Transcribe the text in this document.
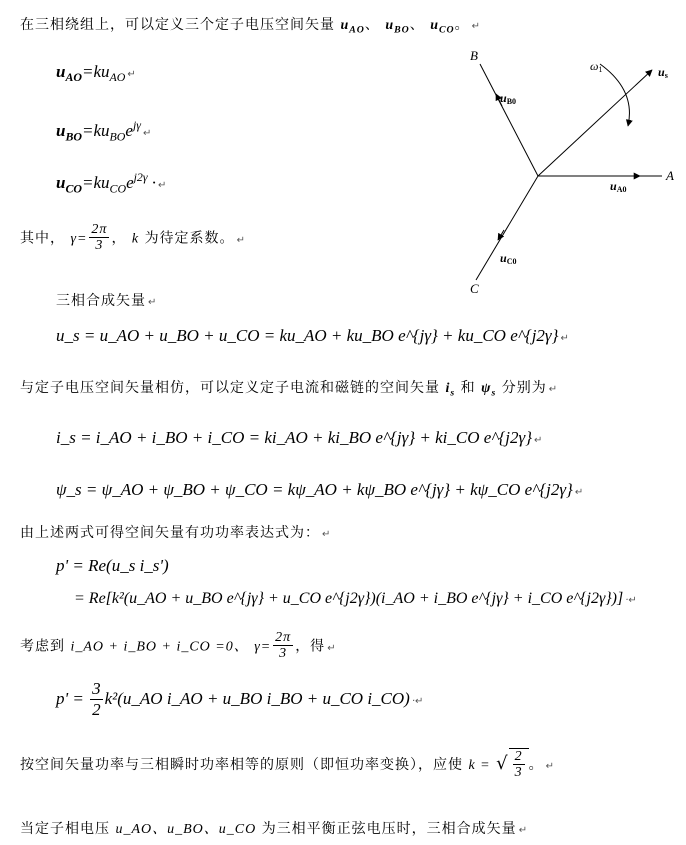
在三相绕组上，可以定义三个定子电压空间矢量 $u_{AO}$、 $u_{BO}$、 $u_{CO}$。 ↵
$u_{AO}=ku_{AO}$ ↵
$u_{BO}=ku_{BO}e^{j\gamma}↵$
$u_{CO}=ku_{CO}e^{j2\gamma}$ · ↵
其中， $\gamma= \frac{2\pi}{3}$ ， k 为待定系数。 ↵
三相合成矢量 ↵
u_s = u_AO + u_BO + u_CO = ku_AO + ku_BO e^{jγ} + ku_CO e^{j2γ} ↵
与定子电压空间矢量相仿，可以定义定子电流和磁链的空间矢量 $i_s$ 和 $\psi_s$ 分别为 ↵
i_s = i_AO + i_BO + i_CO = ki_AO + ki_BO e^{jγ} + ki_CO e^{j2γ} ↵
ψ_s = ψ_AO + ψ_BO + ψ_CO = kψ_AO + kψ_BO e^{jγ} + kψ_CO e^{j2γ} ↵
由上述两式可得空间矢量有功功率表达式为： ↵
p' = Re(u_s i_s')
= Re[k²(u_AO + u_BO e^{jγ} + u_CO e^{j2γ})(i_AO + i_BO e^{jγ} + i_CO e^{j2γ})] ·↵
考虑到 i_AO + i_BO + i_CO =0、 $\gamma= \frac{2\pi}{3}$ ，得 ↵
$p' = \frac{3}{2}$ k²(u_AO i_AO + u_BO i_BO + u_CO i_CO) ·↵
按空间矢量功率与三相瞬时功率相等的原则（即恒功率变换），应使 k = √ $\frac{2}{3}$ 。 ↵
当定子相电压 u_AO、u_BO、u_CO 为三相平衡正弦电压时，三相合成矢量 ↵
A
B
C
uA0
uB0
uC0
us
ω1
